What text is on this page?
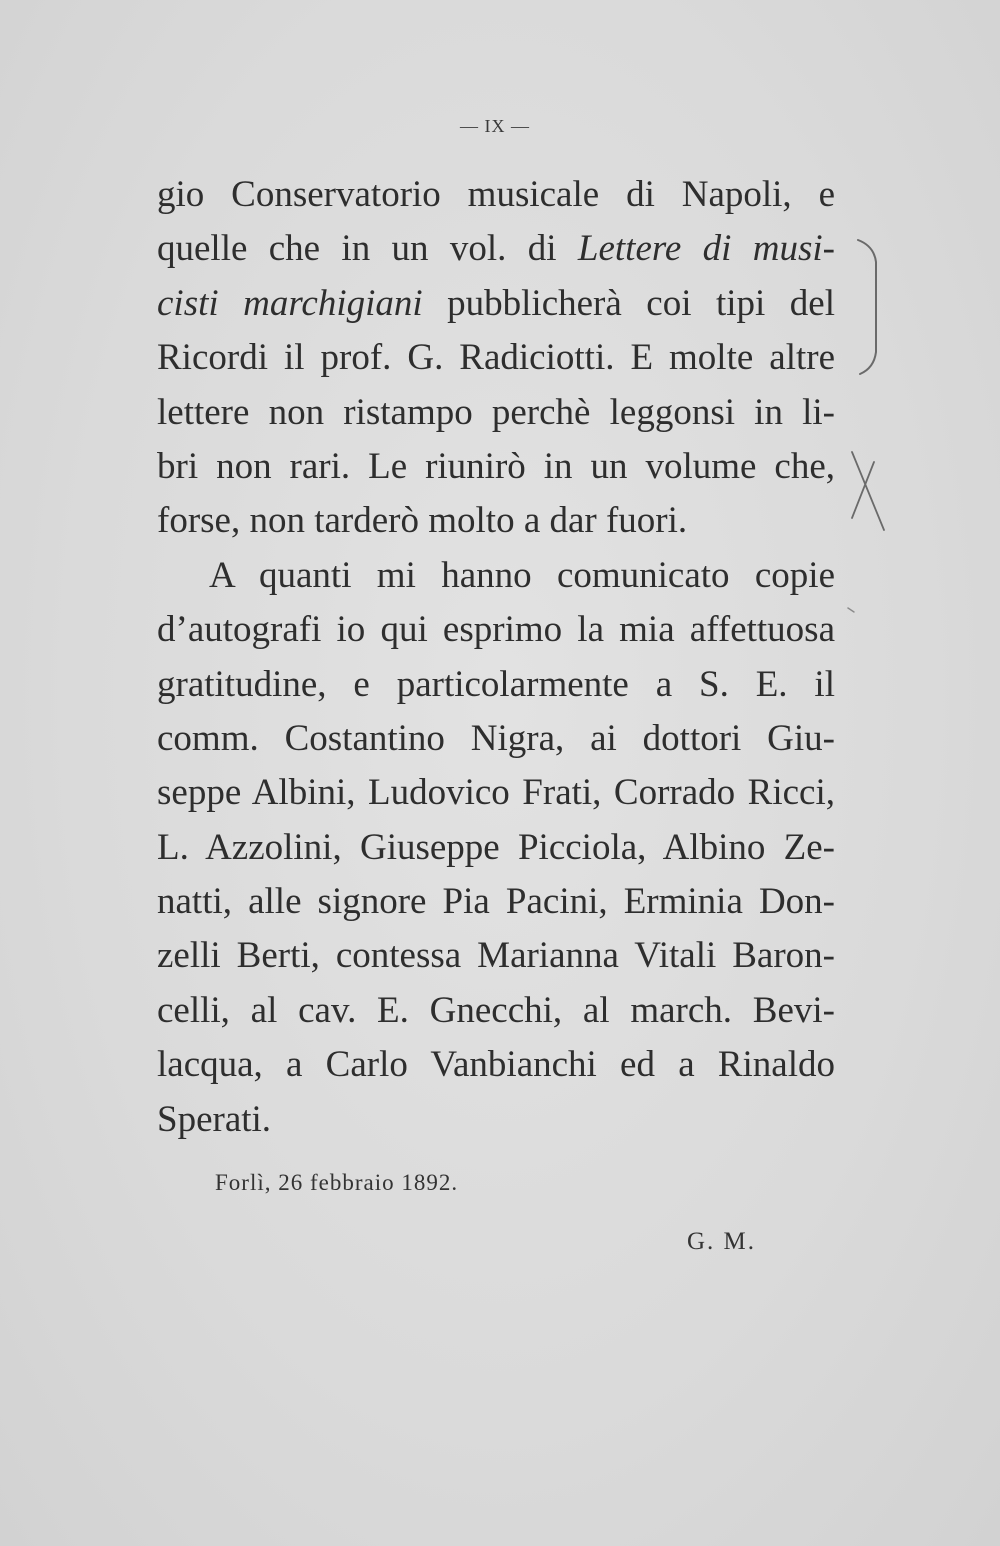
— IX —
gio Conservatorio musicale di Napoli, e
quelle che in un vol. di Lettere di musi-
cisti marchigiani pubblicherà coi tipi del
Ricordi il prof. G. Radiciotti. E molte altre
lettere non ristampo perchè leggonsi in li-
bri non rari. Le riunirò in un volume che,
forse, non tarderò molto a dar fuori.
A quanti mi hanno comunicato copie
d’autografi io qui esprimo la mia affettuosa
gratitudine, e particolarmente a S. E. il
comm. Costantino Nigra, ai dottori Giu-
seppe Albini, Ludovico Frati, Corrado Ricci,
L. Azzolini, Giuseppe Picciola, Albino Ze-
natti, alle signore Pia Pacini, Erminia Don-
zelli Berti, contessa Marianna Vitali Baron-
celli, al cav. E. Gnecchi, al march. Bevi-
lacqua, a Carlo Vanbianchi ed a Rinaldo
Sperati.
Forlì, 26 febbraio 1892.
G. M.
